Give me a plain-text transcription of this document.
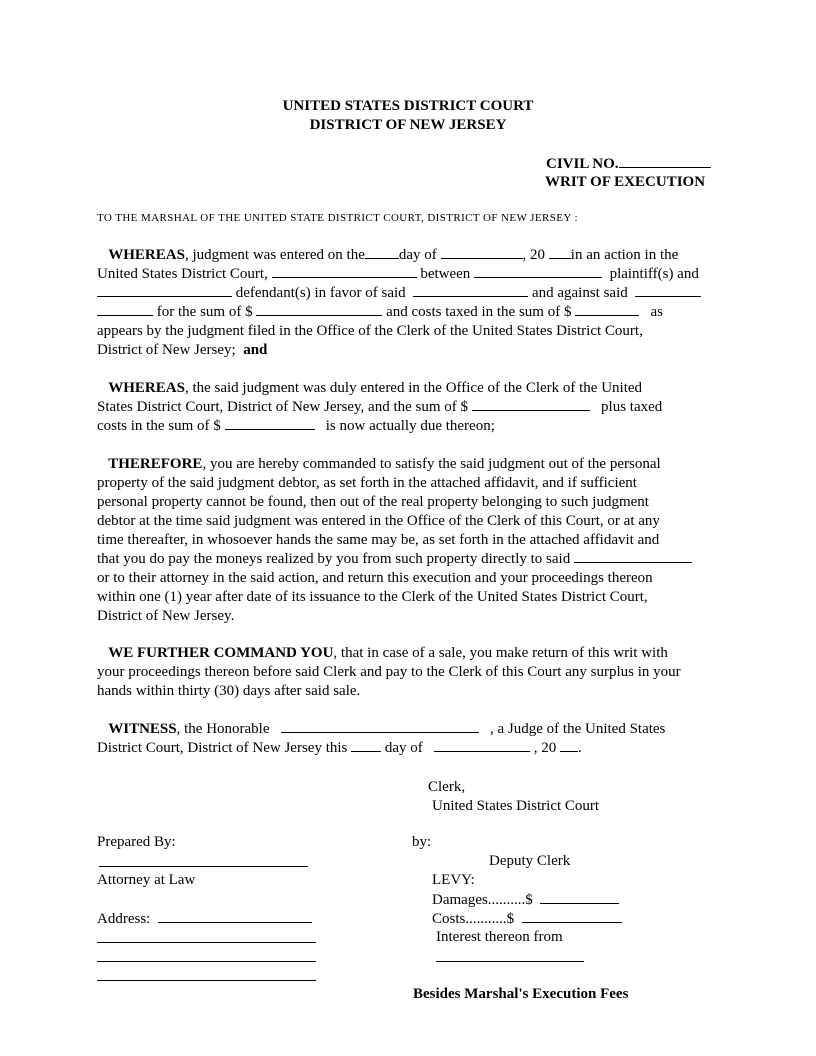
UNITED STATES DISTRICT COURT
DISTRICT OF NEW JERSEY
CIVIL NO.
WRIT OF EXECUTION
TO THE MARSHAL OF THE UNITED STATE DISTRICT COURT, DISTRICT OF NEW JERSEY :
WHEREAS, judgment was entered on the day of	, 20 in an action in the
United States District Court,	between	plaintiff(s) and
defendant(s) in favor of said	and against said
for the sum of $	and costs taxed in the sum of $	as
appears by the judgment filed in the Office of the Clerk of the United States District Court,
District of New Jersey; and
WHEREAS, the said judgment was duly entered in the Office of the Clerk of the United
States District Court, District of New Jersey, and the sum of $	plus taxed
costs in the sum of $	is now actually due thereon;
THEREFORE, you are hereby commanded to satisfy the said judgment out of the personal
property of the said judgment debtor, as set forth in the attached affidavit, and if sufficient
personal property cannot be found, then out of the real property belonging to such judgment
debtor at the time said judgment was entered in the Office of the Clerk of this Court, or at any
time thereafter, in whosoever hands the same may be, as set forth in the attached affidavit and
that you do pay the moneys realized by you from such property directly to said
or to their attorney in the said action, and return this execution and your proceedings thereon
within one (1) year after date of its issuance to the Clerk of the United States District Court,
District of New Jersey.
WE FURTHER COMMAND YOU, that in case of a sale, you make return of this writ with
your proceedings thereon before said Clerk and pay to the Clerk of this Court any surplus in your
hands within thirty (30) days after said sale.
WITNESS, the Honorable	, a Judge of the United States
District Court, District of New Jersey this	day of	, 20 .
Clerk,
United States District Court
by:
Deputy Clerk
LEVY:
Damages..........$
Costs...........$
Interest thereon from
Besides Marshal's Execution Fees
Prepared By:
Attorney at Law
Address:
